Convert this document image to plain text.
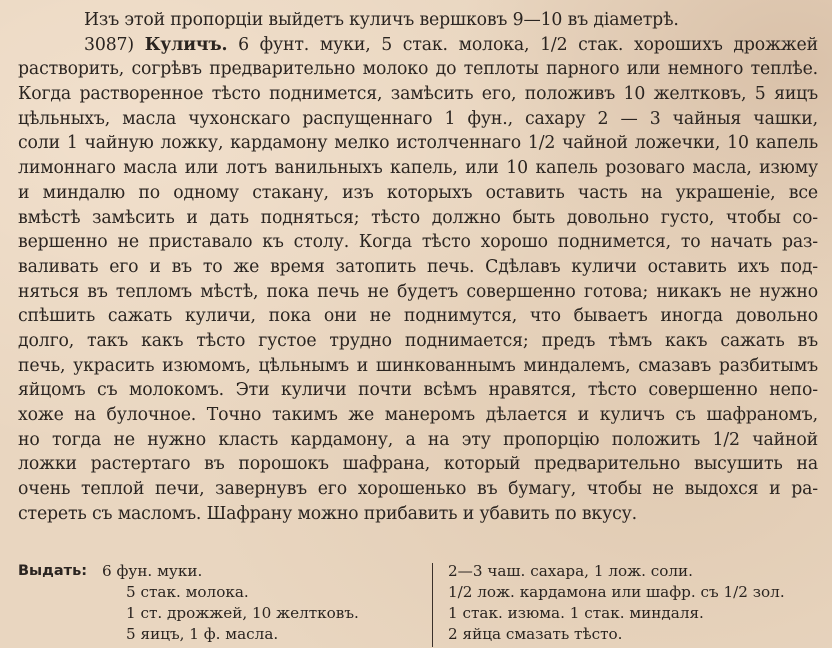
Изъ этой пропорціи выйдетъ куличъ вершковъ 9—10 въ діаметрѣ.
3087) Куличъ. 6 фунт. муки, 5 стак. молока, 1/2 стак. хорошихъ дрожжей
растворить, согрѣвъ предварительно молоко до теплоты парного или немного теплѣе.
Когда растворенное тѣсто поднимется, замѣсить его, положивъ 10 желтковъ, 5 яицъ
цѣльныхъ, масла чухонскаго распущеннаго 1 фун., сахару 2 — 3 чайныя чашки,
соли 1 чайную ложку, кардамону мелко истолченнаго 1/2 чайной ложечки, 10 капель
лимоннаго масла или лотъ ванильныхъ капель, или 10 капель розоваго масла, изюму
и миндалю по одному стакану, изъ которыхъ оставить часть на украшеніе, все
вмѣстѣ замѣсить и дать подняться; тѣсто должно быть довольно густо, чтобы со-
вершенно не приставало къ столу. Когда тѣсто хорошо поднимется, то начать раз-
валивать его и въ то же время затопить печь. Сдѣлавъ куличи оставить ихъ под-
няться въ тепломъ мѣстѣ, пока печь не будетъ совершенно готова; никакъ не нужно
спѣшить сажать куличи, пока они не поднимутся, что бываетъ иногда довольно
долго, такъ какъ тѣсто густое трудно поднимается; предъ тѣмъ какъ сажать въ
печь, украсить изюмомъ, цѣльнымъ и шинкованнымъ миндалемъ, смазавъ разбитымъ
яйцомъ съ молокомъ. Эти куличи почти всѣмъ нравятся, тѣсто совершенно непо-
хоже на булочное. Точно такимъ же манеромъ дѣлается и куличъ съ шафраномъ,
но тогда не нужно класть кардамону, а на эту пропорцію положить 1/2 чайной
ложки растертаго въ порошокъ шафрана, который предварительно высушить на
очень теплой печи, завернувъ его хорошенько въ бумагу, чтобы не выдохся и ра-
стереть съ масломъ. Шафрану можно прибавить и убавить по вкусу.
Выдать: 6 фун. муки.
5 стак. молока.
1 ст. дрожжей, 10 желтковъ.
5 яицъ, 1 ф. масла.
2—3 чаш. сахара, 1 лож. соли.
1/2 лож. кардамона или шафр. съ 1/2 зол.
1 стак. изюма. 1 стак. миндаля.
2 яйца смазать тѣсто.
